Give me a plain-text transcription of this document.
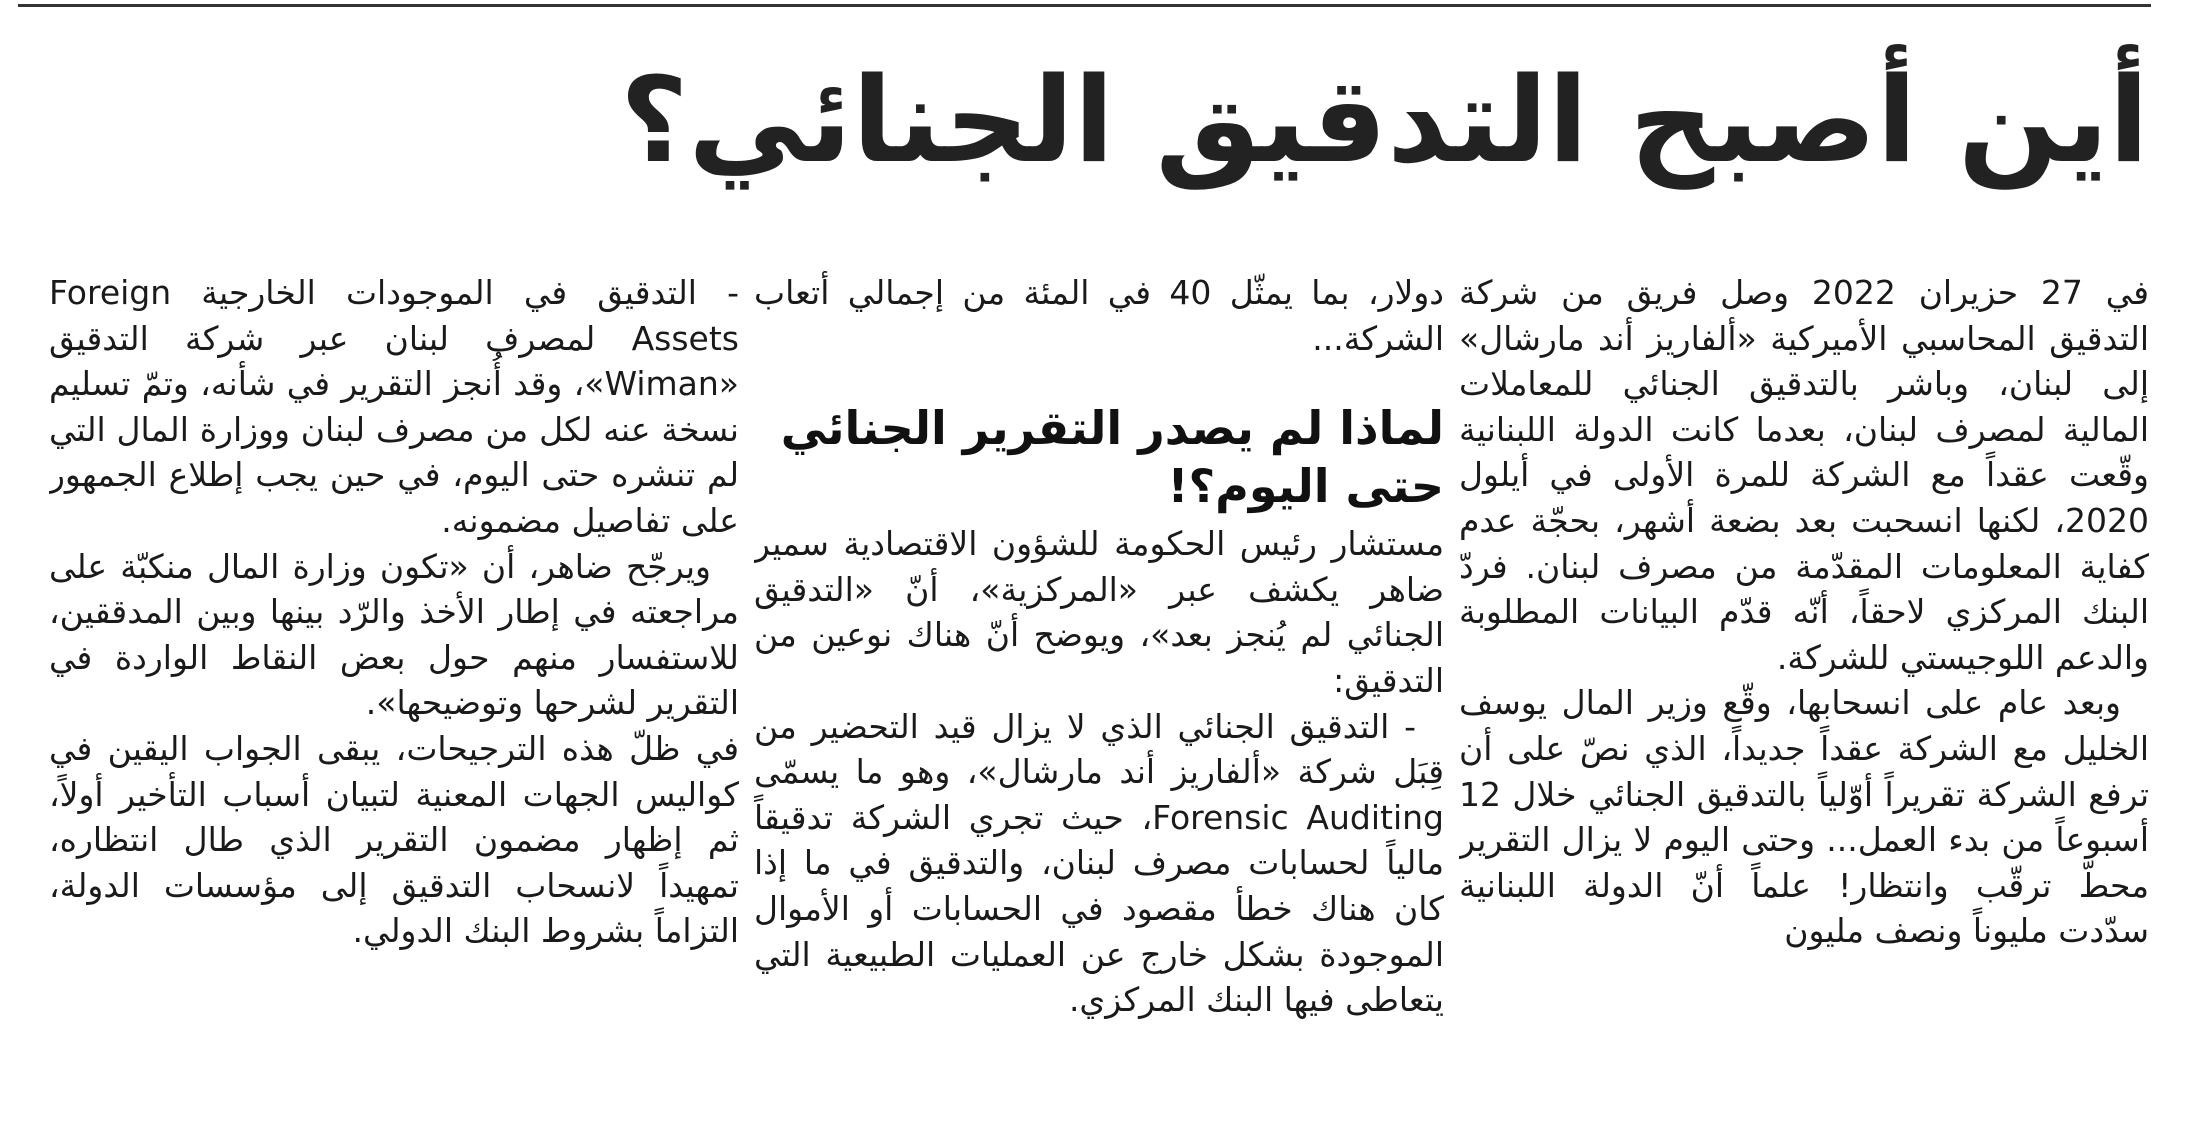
أين أصبح التدقيق الجنائي؟

في 27 حزيران 2022 وصل فريق من شركة التدقيق المحاسبي الأميركية «ألفاريز أند مارشال» إلى لبنان، وباشر بالتدقيق الجنائي للمعاملات المالية لمصرف لبنان، بعدما كانت الدولة اللبنانية وقّعت عقداً مع الشركة للمرة الأولى في أيلول 2020، لكنها انسحبت بعد بضعة أشهر، بحجّة عدم كفاية المعلومات المقدّمة من مصرف لبنان. فردّ البنك المركزي لاحقاً، أنّه قدّم البيانات المطلوبة والدعم اللوجيستي للشركة.

وبعد عام على انسحابها، وقّع وزير المال يوسف الخليل مع الشركة عقداً جديداً، الذي نصّ على أن ترفع الشركة تقريراً أوّلياً بالتدقيق الجنائي خلال 12 أسبوعاً من بدء العمل... وحتى اليوم لا يزال التقرير محطّ ترقّب وانتظار! علماً أنّ الدولة اللبنانية سدّدت مليوناً ونصف مليون

دولار، بما يمثّل 40 في المئة من إجمالي أتعاب الشركة...

لماذا لم يصدر التقرير الجنائي حتى اليوم؟!

مستشار رئيس الحكومة للشؤون الاقتصادية سمير ضاهر يكشف عبر «المركزية»، أنّ «التدقيق الجنائي لم يُنجز بعد»، ويوضح أنّ هناك نوعين من التدقيق:

- التدقيق الجنائي الذي لا يزال قيد التحضير من قِبَل شركة «ألفاريز أند مارشال»، وهو ما يسمّى Forensic Auditing، حيث تجري الشركة تدقيقاً مالياً لحسابات مصرف لبنان، والتدقيق في ما إذا كان هناك خطأ مقصود في الحسابات أو الأموال الموجودة بشكل خارج عن العمليات الطبيعية التي يتعاطى فيها البنك المركزي.

- التدقيق في الموجودات الخارجية Foreign Assets لمصرف لبنان عبر شركة التدقيق «Wiman»، وقد أُنجز التقرير في شأنه، وتمّ تسليم نسخة عنه لكل من مصرف لبنان ووزارة المال التي لم تنشره حتى اليوم، في حين يجب إطلاع الجمهور على تفاصيل مضمونه.

ويرجّح ضاهر، أن «تكون وزارة المال منكبّة على مراجعته في إطار الأخذ والرّد بينها وبين المدققين، للاستفسار منهم حول بعض النقاط الواردة في التقرير لشرحها وتوضيحها».

في ظلّ هذه الترجيحات، يبقى الجواب اليقين في كواليس الجهات المعنية لتبيان أسباب التأخير أولاً، ثم إظهار مضمون التقرير الذي طال انتظاره، تمهيداً لانسحاب التدقيق إلى مؤسسات الدولة، التزاماً بشروط البنك الدولي.
